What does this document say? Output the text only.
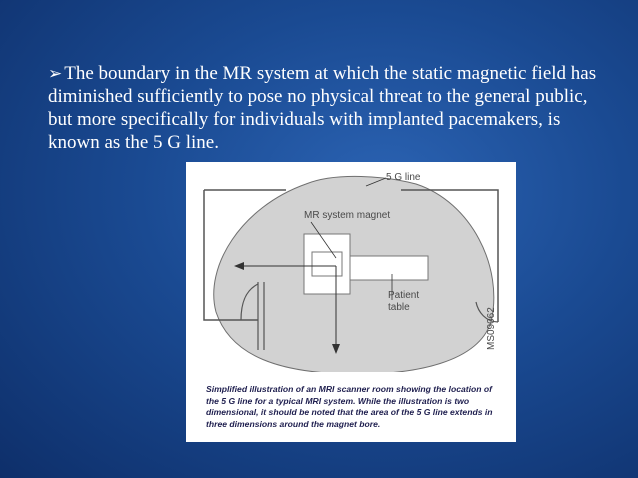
➢ The boundary in the MR system at which the static magnetic field has diminished sufficiently to pose no physical threat to the general public, but more specifically for individuals with implanted pacemakers, is known as the 5 G line.
5 G line
MR system magnet
Patient
table	MS09062
Simplified illustration of an MRI scanner room showing the location of the 5 G line for a typical MRI system. While the illustration is two dimensional, it should be noted that the area of the 5 G line extends in three dimensions around the magnet bore.
